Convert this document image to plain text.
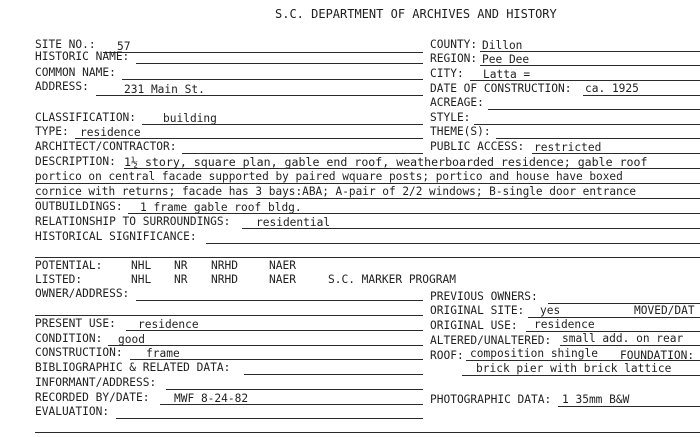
S.C. DEPARTMENT OF ARCHIVES AND HISTORY
SITE NO.: 57
HISTORIC NAME:
COMMON NAME:
ADDRESS:	231 Main St.
COUNTY: Dillon
REGION: Pee Dee
CITY: Latta =
DATE OF CONSTRUCTION: ca. 1925
ACREAGE:
CLASSIFICATION: building
TYPE: residence
ARCHITECT/CONTRACTOR:
STYLE:
THEME(S):
PUBLIC ACCESS: restricted
DESCRIPTION: 1½ story, square plan, gable end roof, weatherboarded residence; gable roof
portico on central facade supported by paired wquare posts; portico and house have boxed
cornice with returns; facade has 3 bays:ABA; A-pair of 2/2 windows; B-single door entrance
OUTBUILDINGS: 1 frame gable roof bldg.
RELATIONSHIP TO SURROUNDINGS: residential
HISTORICAL SIGNIFICANCE:
POTENTIAL:	NHL NR NRHD	NAER
LISTED:	NHL NR NRHD	NAER	S.C. MARKER PROGRAM
OWNER/ADDRESS:
PRESENT USE: residence
CONDITION: good
CONSTRUCTION: frame
BIBLIOGRAPHIC & RELATED DATA:
INFORMANT/ADDRESS:
RECORDED BY/DATE: MWF 8-24-82
EVALUATION:
PREVIOUS OWNERS:
ORIGINAL SITE: yes	MOVED/DAT
ORIGINAL USE: residence
ALTERED/UNALTERED: small add. on rear
ROOF: composition shingle FOUNDATION:
brick pier with brick lattice
PHOTOGRAPHIC DATA: 1 35mm B&W
